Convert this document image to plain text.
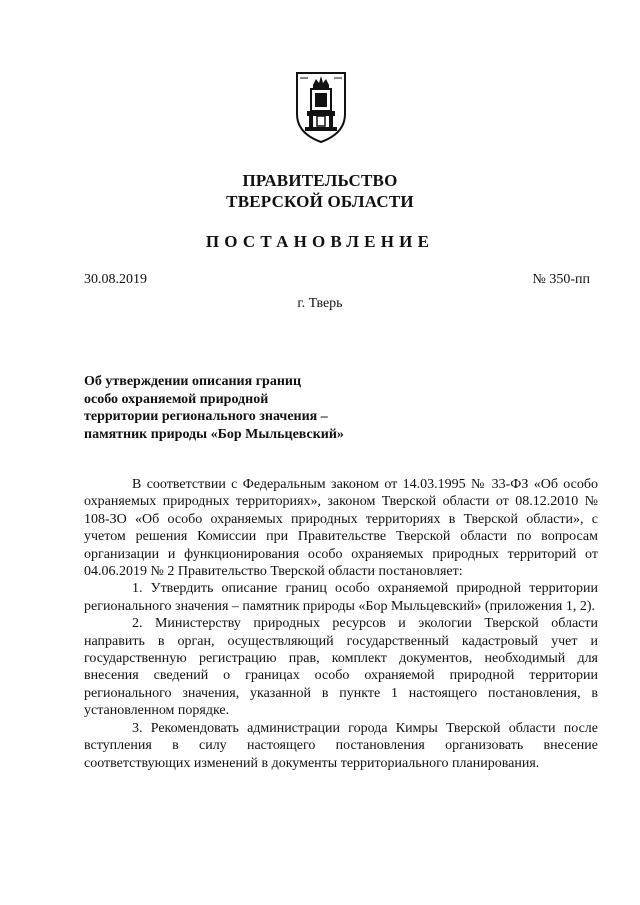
ПРАВИТЕЛЬСТВО
ТВЕРСКОЙ ОБЛАСТИ
ПОСТАНОВЛЕНИЕ
30.08.2019	№ 350-пп
г. Тверь
Об утверждении описания границ
особо охраняемой природной
территории регионального значения –
памятник природы «Бор Мыльцевский»

В соответствии с Федеральным законом от 14.03.1995 № 33-ФЗ «Об особо охраняемых природных территориях», законом Тверской области от 08.12.2010 № 108-ЗО «Об особо охраняемых природных территориях в Тверской области», с учетом решения Комиссии при Правительстве Тверской области по вопросам организации и функционирования особо охраняемых природных территорий от 04.06.2019 № 2 Правительство Тверской области постановляет:

1. Утвердить описание границ особо охраняемой природной территории регионального значения – памятник природы «Бор Мыльцевский» (приложения 1, 2).

2. Министерству природных ресурсов и экологии Тверской области направить в орган, осуществляющий государственный кадастровый учет и государственную регистрацию прав, комплект документов, необходимый для внесения сведений о границах особо охраняемой природной территории регионального значения, указанной в пункте 1 настоящего постановления, в установленном порядке.

3. Рекомендовать администрации города Кимры Тверской области после вступления в силу настоящего постановления организовать внесение соответствующих изменений в документы территориального планирования.
